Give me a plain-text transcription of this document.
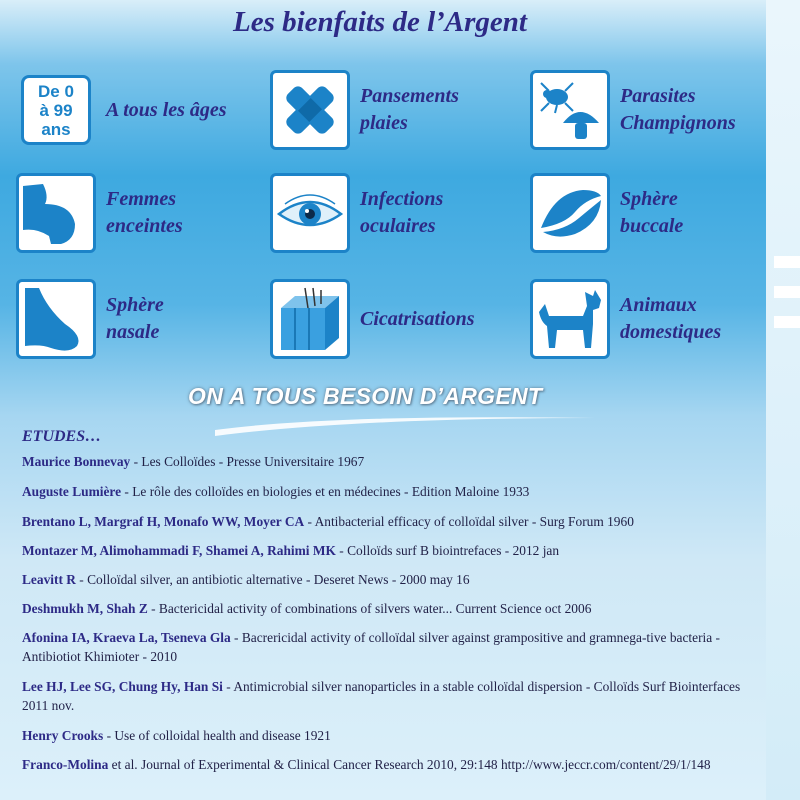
Les bienfaits de l’Argent
De 0
à 99
ans
A tous les âges
Pansements
plaies
Parasites
Champignons
Femmes
enceintes
Infections
oculaires
Sphère
buccale
Sphère
nasale
Cicatrisations
Animaux
domestiques
ON A TOUS BESOIN D’ARGENT
ETUDES…
Maurice Bonnevay - Les Colloïdes - Presse Universitaire 1967
Auguste Lumière - Le rôle des colloïdes en biologies et en médecines - Edition Maloine 1933
Brentano L, Margraf H, Monafo WW, Moyer CA - Antibacterial efficacy of colloïdal silver - Surg Forum 1960
Montazer M, Alimohammadi F, Shamei A, Rahimi MK - Colloïds surf B biointrefaces - 2012 jan
Leavitt R - Colloïdal silver, an antibiotic alternative - Deseret News - 2000 may 16
Deshmukh M, Shah Z - Bactericidal activity of combinations of silvers water... Current Science oct 2006
Afonina IA, Kraeva La, Tseneva Gla - Bacrericidal activity of colloïdal silver against grampositive and gramnega-tive bacteria - Antibiotiot Khimioter - 2010
Lee HJ, Lee SG, Chung Hy, Han Si - Antimicrobial silver nanoparticles in a stable colloïdal dispersion - Colloïds Surf Biointerfaces 2011 nov.
Henry Crooks - Use of colloidal health and disease 1921
Franco-Molina et al. Journal of Experimental & Clinical Cancer Research 2010, 29:148 http://www.jeccr.com/content/29/1/148
